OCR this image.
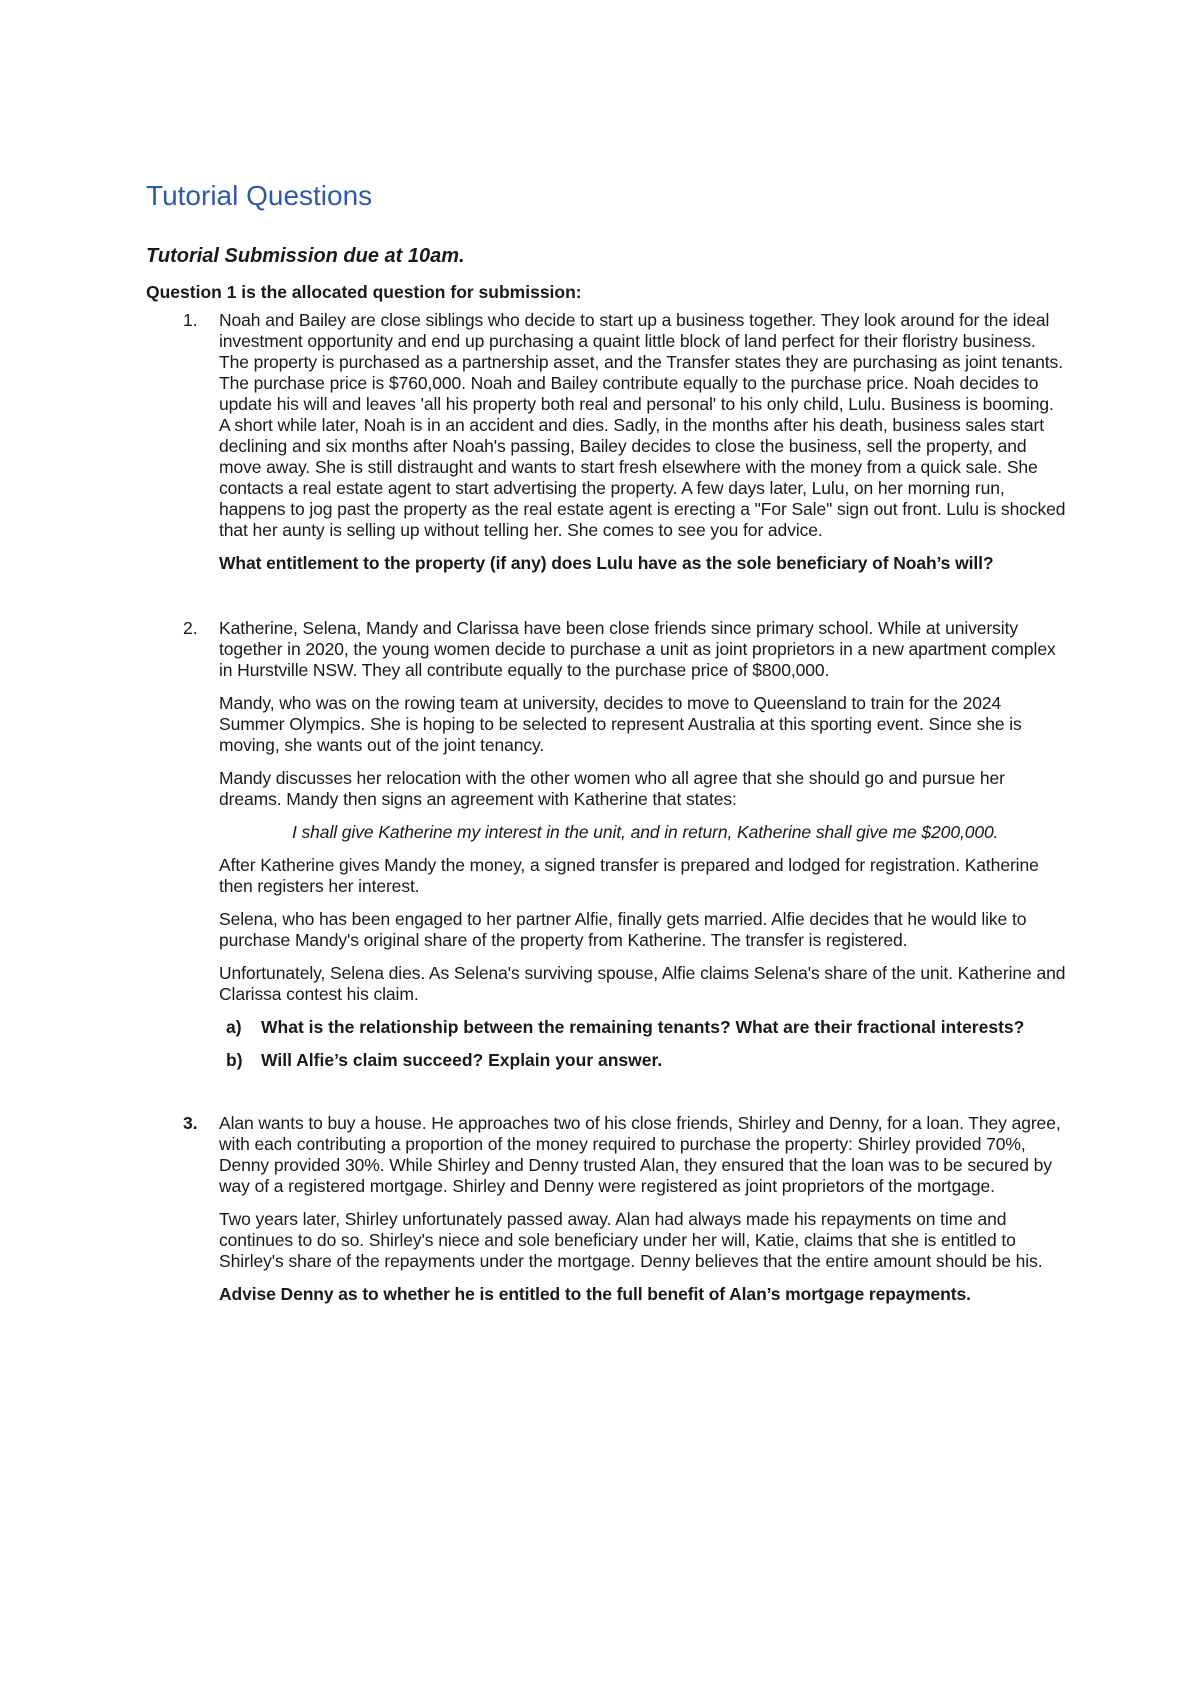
Tutorial Questions
Tutorial Submission due at 10am.
Question 1 is the allocated question for submission:
1. Noah and Bailey are close siblings who decide to start up a business together. They look around for the ideal investment opportunity and end up purchasing a quaint little block of land perfect for their floristry business. The property is purchased as a partnership asset, and the Transfer states they are purchasing as joint tenants. The purchase price is $760,000. Noah and Bailey contribute equally to the purchase price. Noah decides to update his will and leaves 'all his property both real and personal' to his only child, Lulu. Business is booming. A short while later, Noah is in an accident and dies. Sadly, in the months after his death, business sales start declining and six months after Noah's passing, Bailey decides to close the business, sell the property, and move away. She is still distraught and wants to start fresh elsewhere with the money from a quick sale. She contacts a real estate agent to start advertising the property. A few days later, Lulu, on her morning run, happens to jog past the property as the real estate agent is erecting a "For Sale" sign out front. Lulu is shocked that her aunty is selling up without telling her. She comes to see you for advice.

What entitlement to the property (if any) does Lulu have as the sole beneficiary of Noah’s will?

2. Katherine, Selena, Mandy and Clarissa have been close friends since primary school. While at university together in 2020, the young women decide to purchase a unit as joint proprietors in a new apartment complex in Hurstville NSW. They all contribute equally to the purchase price of $800,000.

Mandy, who was on the rowing team at university, decides to move to Queensland to train for the 2024 Summer Olympics. She is hoping to be selected to represent Australia at this sporting event. Since she is moving, she wants out of the joint tenancy.

Mandy discusses her relocation with the other women who all agree that she should go and pursue her dreams. Mandy then signs an agreement with Katherine that states:

I shall give Katherine my interest in the unit, and in return, Katherine shall give me $200,000.

After Katherine gives Mandy the money, a signed transfer is prepared and lodged for registration. Katherine then registers her interest.

Selena, who has been engaged to her partner Alfie, finally gets married. Alfie decides that he would like to purchase Mandy's original share of the property from Katherine. The transfer is registered.

Unfortunately, Selena dies. As Selena's surviving spouse, Alfie claims Selena's share of the unit. Katherine and Clarissa contest his claim.

a) What is the relationship between the remaining tenants? What are their fractional interests?
b) Will Alfie’s claim succeed? Explain your answer.
3. Alan wants to buy a house. He approaches two of his close friends, Shirley and Denny, for a loan. They agree, with each contributing a proportion of the money required to purchase the property: Shirley provided 70%, Denny provided 30%. While Shirley and Denny trusted Alan, they ensured that the loan was to be secured by way of a registered mortgage. Shirley and Denny were registered as joint proprietors of the mortgage.

Two years later, Shirley unfortunately passed away. Alan had always made his repayments on time and continues to do so. Shirley's niece and sole beneficiary under her will, Katie, claims that she is entitled to Shirley's share of the repayments under the mortgage. Denny believes that the entire amount should be his.

Advise Denny as to whether he is entitled to the full benefit of Alan’s mortgage repayments.
